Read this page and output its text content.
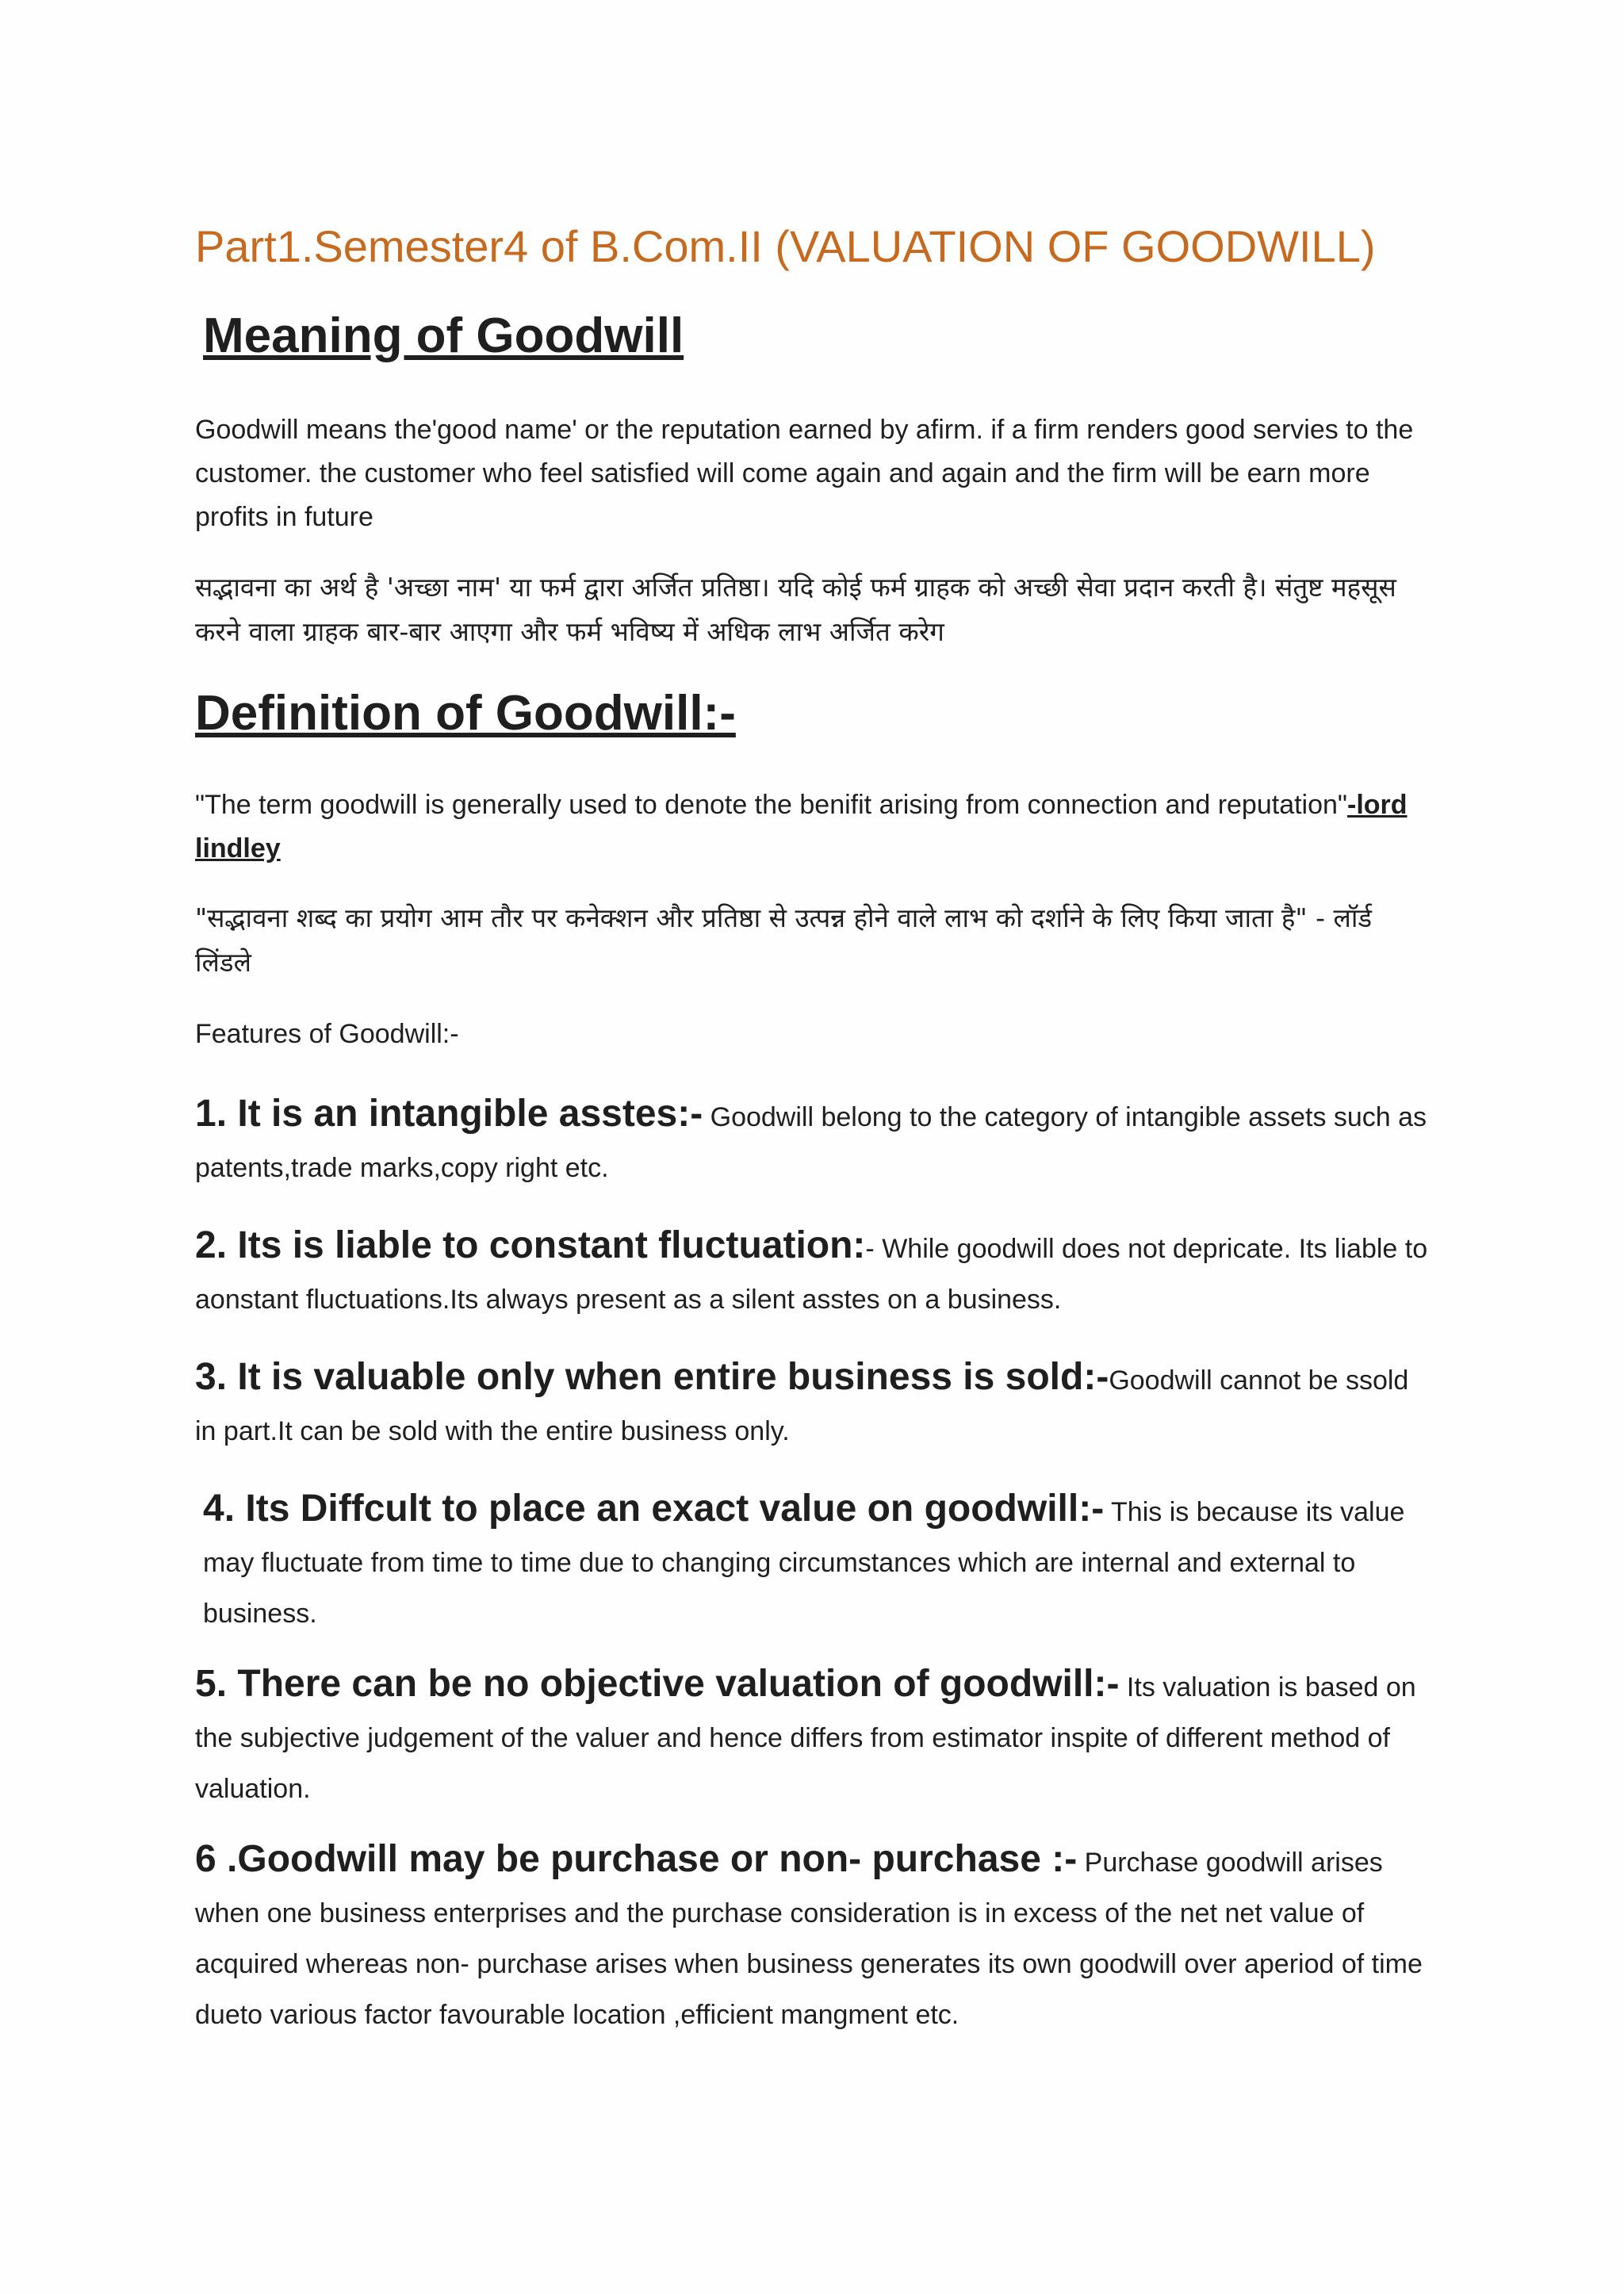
Part1.Semester4 of B.Com.II (VALUATION OF GOODWILL)
Meaning of Goodwill
Goodwill means the'good name' or the reputation earned by afirm. if a firm renders good servies to the customer. the customer who feel satisfied will come again and again and the firm will be earn more profits in future
सद्भावना का अर्थ है 'अच्छा नाम' या फर्म द्वारा अर्जित प्रतिष्ठा। यदि कोई फर्म ग्राहक को अच्छी सेवा प्रदान करती है। संतुष्ट महसूस करने वाला ग्राहक बार-बार आएगा और फर्म भविष्य में अधिक लाभ अर्जित करेग
Definition of Goodwill:-
"The term goodwill is generally used to denote the benifit arising from connection and reputation"-lord lindley
"सद्भावना शब्द का प्रयोग आम तौर पर कनेक्शन और प्रतिष्ठा से उत्पन्न होने वाले लाभ को दर्शाने के लिए किया जाता है" - लॉर्ड लिंडले
Features of Goodwill:-
1. It is an intangible asstes:- Goodwill belong to the category of intangible assets such as patents,trade marks,copy right etc.
2. Its is liable to constant fluctuation:- While goodwill does not depricate. Its liable to aonstant fluctuations.Its always present as a silent asstes on a business.
3. It is valuable only when entire business is sold:-Goodwill cannot be ssold in part.It can be sold with the entire business only.
4. Its Diffcult to place an exact value on goodwill:- This is because its value may fluctuate from time to time due to changing circumstances which are internal and external to business.
5. There can be no objective valuation of goodwill:- Its valuation is based on the subjective judgement of the valuer and hence differs from estimator inspite of different method of valuation.
6 .Goodwill may be purchase or non- purchase :- Purchase goodwill arises when one business enterprises and the purchase consideration is in excess of the net net value of acquired whereas non- purchase arises when business generates its own goodwill over aperiod of time dueto various factor favourable location ,efficient mangment etc.
